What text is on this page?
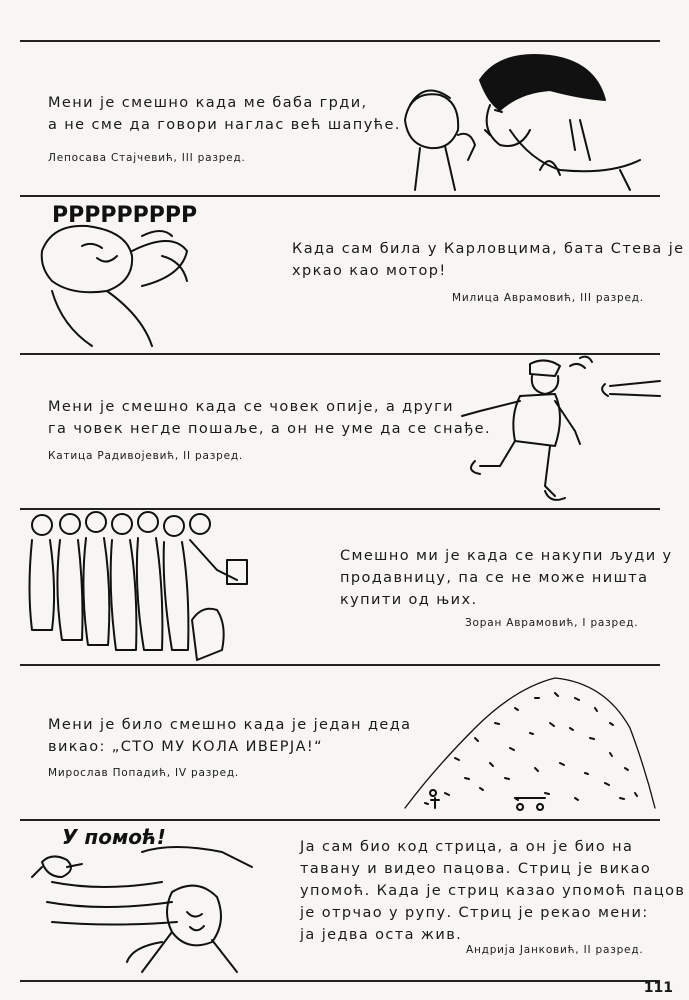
Мени је смешно када ме баба грди,
а не сме да говори наглас већ шапуће.
Лепосава Стајчевић, III разред.
РРРРРРРРР
Када сам била у Карловцима, бата Стева је
хркао као мотор!
Милица Аврамовић, III разред.
Мени је смешно када се човек опије, а други
га човек негде пошаље, а он не уме да се снађе.
Катица Радивојевић, II разред.
Смешно ми је када се накупи људи у
продавницу, па се не може ништа
купити од њих.
Зоран Аврамовић, I разред.
Мени је било смешно када је један деда
викао: „СТО МУ КОЛА ИВЕРЈА!“
Мирослав Попадић, IV разред.
У помоћ!	Ја сам био код стрица, а он је био на
тавану и видео пацова. Стриц је викао
упомоћ. Када је стриц казао упомоћ пацов
је отрчао у рупу. Стриц је рекао мени:
ја једва оста жив.
Андрија Јанковић, II разред.
111
